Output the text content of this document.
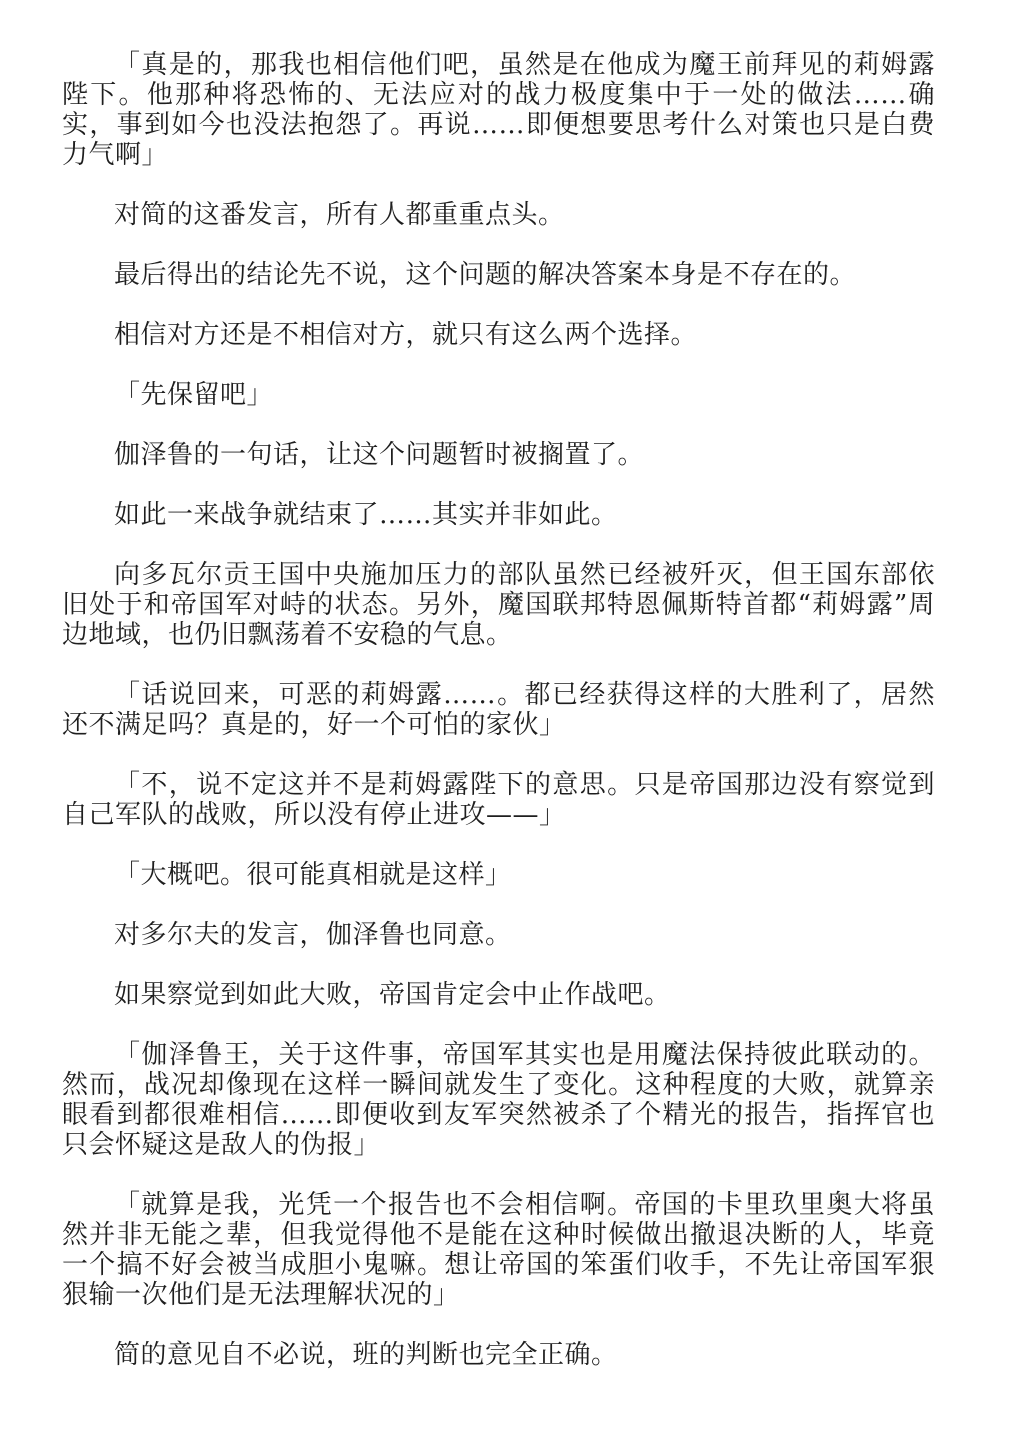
「真是的，那我也相信他们吧，虽然是在他成为魔王前拜见的莉姆露陛下。他那种将恐怖的、无法应对的战力极度集中于一处的做法……确实，事到如今也没法抱怨了。再说……即便想要思考什么对策也只是白费力气啊」

对简的这番发言，所有人都重重点头。

最后得出的结论先不说，这个问题的解决答案本身是不存在的。

相信对方还是不相信对方，就只有这么两个选择。

「先保留吧」

伽泽鲁的一句话，让这个问题暂时被搁置了。

如此一来战争就结束了……其实并非如此。

向多瓦尔贡王国中央施加压力的部队虽然已经被歼灭，但王国东部依旧处于和帝国军对峙的状态。另外，魔国联邦特恩佩斯特首都“莉姆露”周边地域，也仍旧飘荡着不安稳的气息。

「话说回来，可恶的莉姆露……。都已经获得这样的大胜利了，居然还不满足吗？真是的，好一个可怕的家伙」

「不，说不定这并不是莉姆露陛下的意思。只是帝国那边没有察觉到自己军队的战败，所以没有停止进攻——」

「大概吧。很可能真相就是这样」

对多尔夫的发言，伽泽鲁也同意。

如果察觉到如此大败，帝国肯定会中止作战吧。

「伽泽鲁王，关于这件事，帝国军其实也是用魔法保持彼此联动的。然而，战况却像现在这样一瞬间就发生了变化。这种程度的大败，就算亲眼看到都很难相信……即便收到友军突然被杀了个精光的报告，指挥官也只会怀疑这是敌人的伪报」

「就算是我，光凭一个报告也不会相信啊。帝国的卡里玖里奥大将虽然并非无能之辈，但我觉得他不是能在这种时候做出撤退决断的人，毕竟一个搞不好会被当成胆小鬼嘛。想让帝国的笨蛋们收手，不先让帝国军狠狠输一次他们是无法理解状况的」

简的意见自不必说，班的判断也完全正确。
